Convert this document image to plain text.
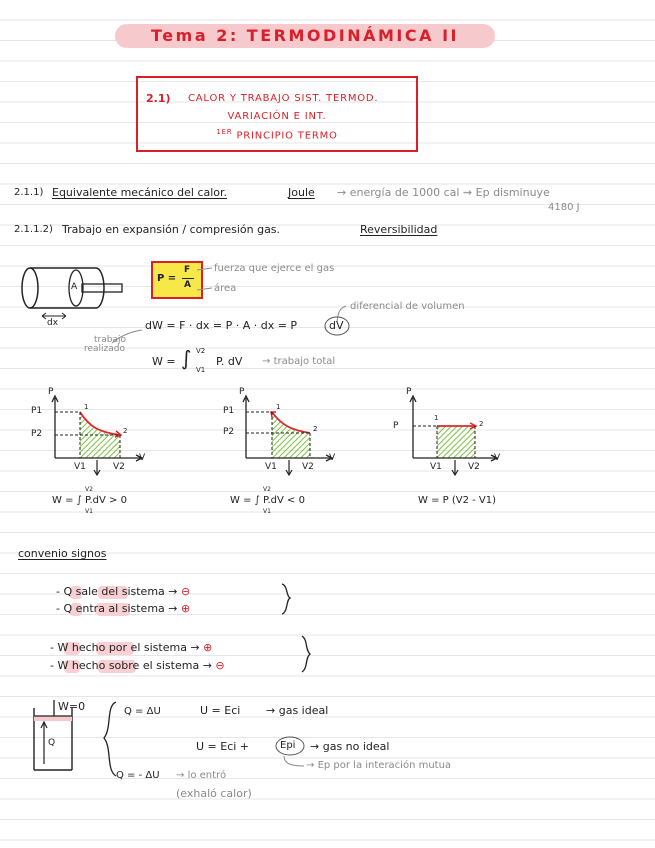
Tema 2: TERMODINÁMICA II
2.1) CALOR Y TRABAJO SIST. TERMOD.
VARIACIÓN E INT.
$^{1ER}$ PRINCIPIO TERMO
2.1.1) Equivalente mecánico del calor.	Joule → energía de 1000 cal ⇝ Ep disminuye
4180 J
2.1.1.2) Trabajo en expansión / compresión gas.	Reversibilidad
A
dx
P =
F
A
fuerza que ejerce el gas
área
diferencial de volumen
dW = F · dx = P · A · dx = P	dV
trabajo
realizado
W = ∫ V2
V1
P. dV → trabajo total
P
V
P1
P2
V1	V2
1
2
P
V
P1
P2
V1	V2
1
2
P
P
V
V1	V2
1
2
W = ∫ P.dV > 0
V2
V1
W = ∫ P.dV < 0
V2
V1
W = P (V2 - V1)
convenio signos
- Q sale del sistema → ⊖
- Q entra al sistema → ⊕
- W hecho por el sistema → ⊕
- W hecho sobre el sistema → ⊖
W=0
Q
Q = ΔU	U = Eci → gas ideal
U = Eci +	Epi → gas no ideal
→ Ep por la interación mutua
Q = - ΔU → lo entró
(exhaló calor)
